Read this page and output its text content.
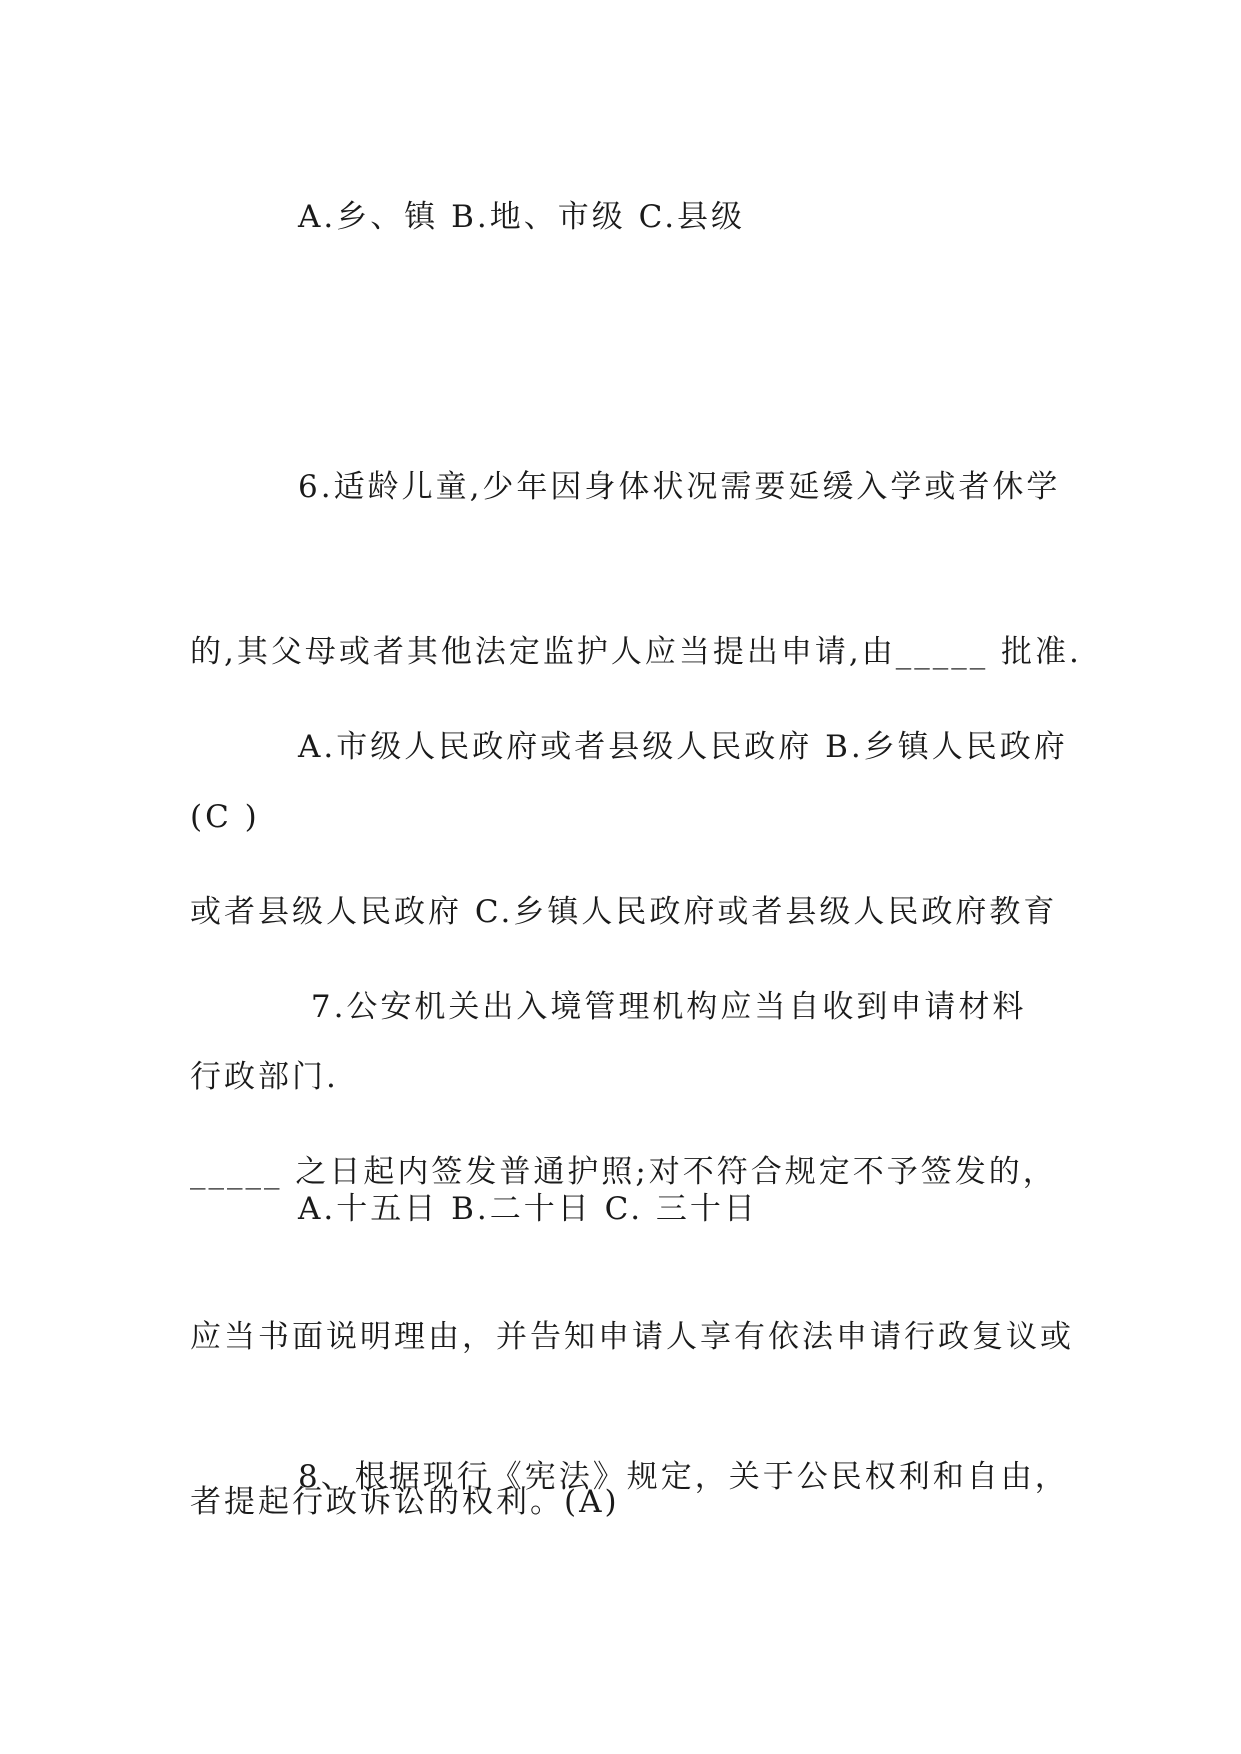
A.乡、镇 B.地、市级 C.县级

6.适龄儿童,少年因身体状况需要延缓入学或者休学

的,其父母或者其他法定监护人应当提出申请,由_____ 批准.

(C )

A.市级人民政府或者县级人民政府 B.乡镇人民政府

或者县级人民政府 C.乡镇人民政府或者县级人民政府教育

行政部门.

7.公安机关出入境管理机构应当自收到申请材料

_____ 之日起内签发普通护照;对不符合规定不予签发的，

应当书面说明理由，并告知申请人享有依法申请行政复议或

者提起行政诉讼的权利。(A)

A.十五日 B.二十日 C. 三十日

8、根据现行《宪法》规定，关于公民权利和自由，
